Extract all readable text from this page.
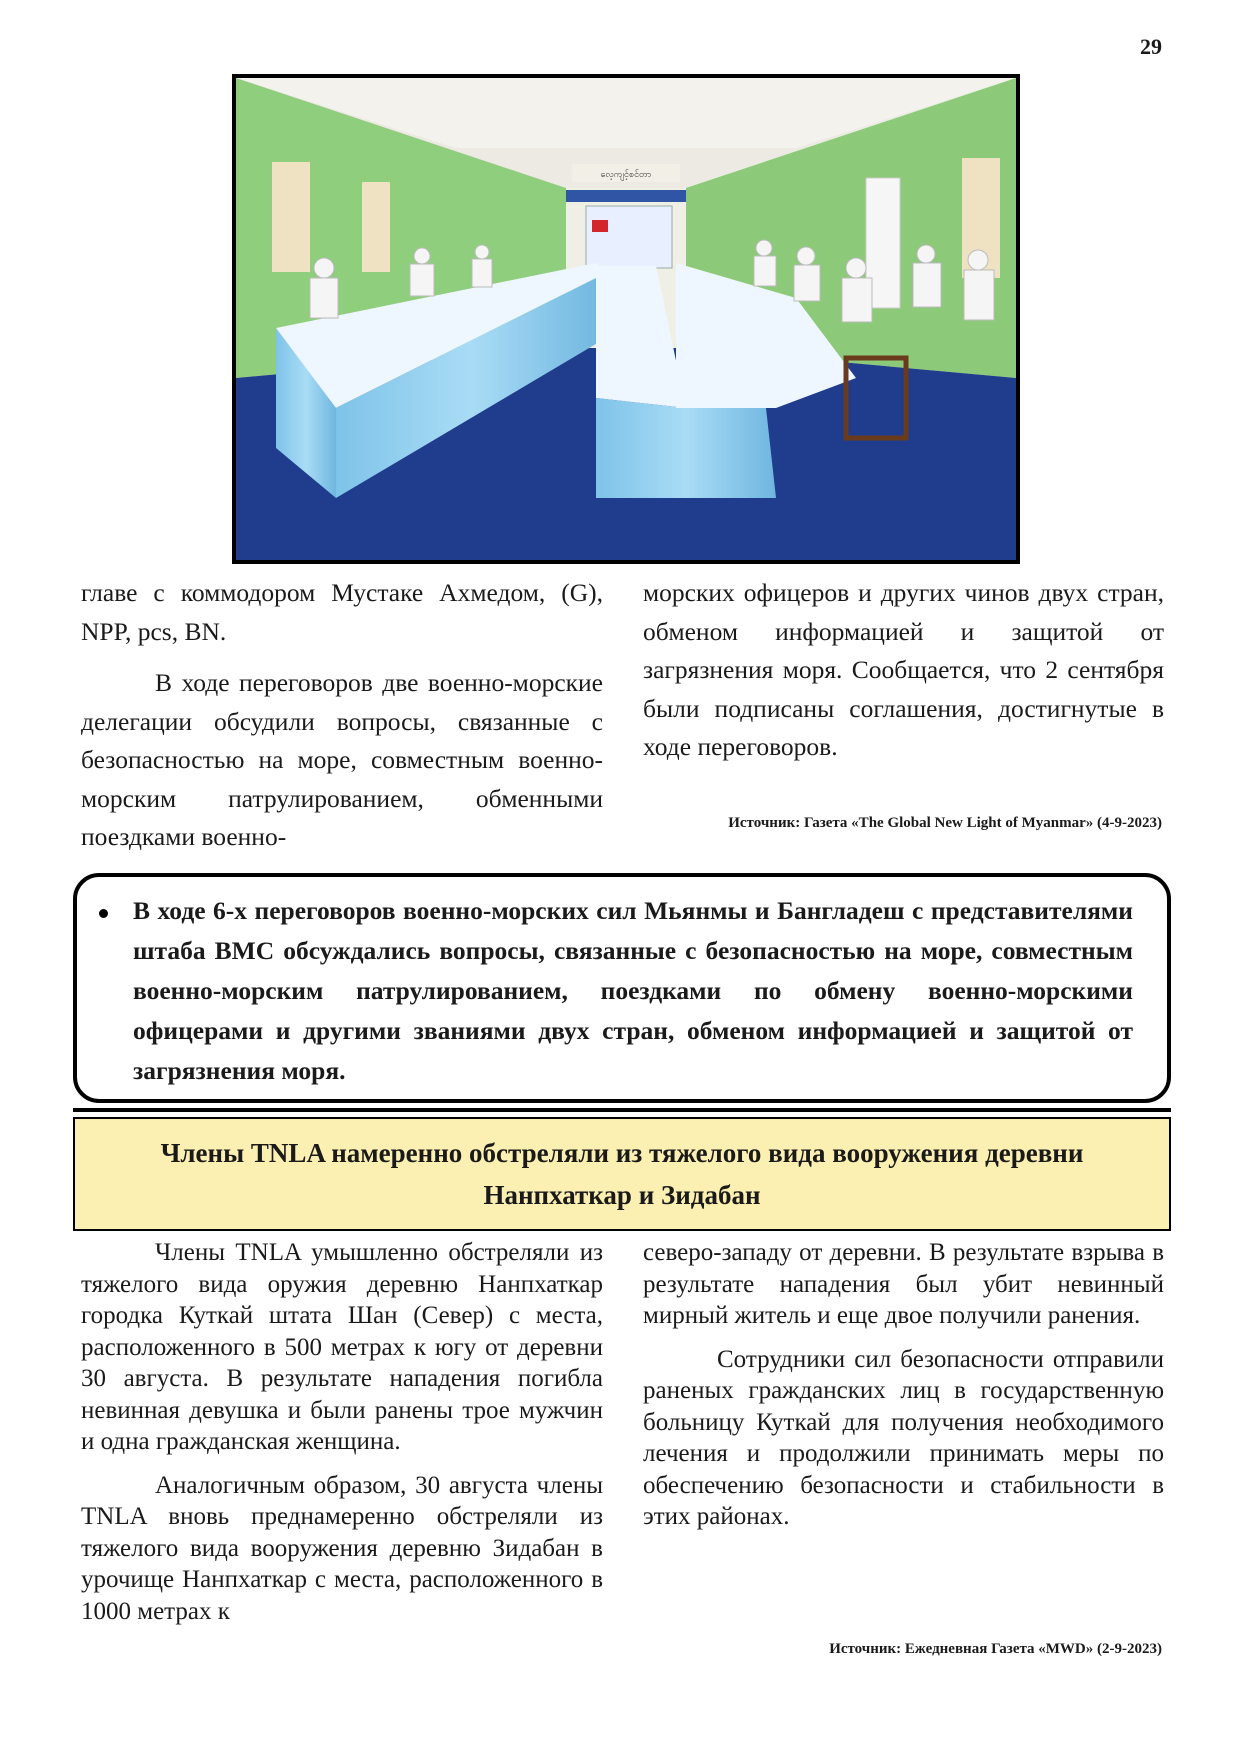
29
လေ့ကျင့်စင်တာ

главе с коммодором Мустаке Ахмедом, (G), NPP, pcs, BN.

В ходе переговоров две военно-морские делегации обсудили вопросы, связанные с безопасностью на море, совместным военно-морским патрулированием, обменными поездками военно-

морских офицеров и других чинов двух стран, обменом информацией и защитой от загрязнения моря. Сообщается, что 2 сентября были подписаны соглашения, достигнутые в ходе переговоров.

Источник: Газета «The Global New Light of Myanmar» (4-9-2023)
В ходе 6-х переговоров военно-морских сил Мьянмы и Бангладеш с представителями штаба ВМС обсуждались вопросы, связанные с безопасностью на море, совместным военно-морским патрулированием, поездками по обмену военно-морскими офицерами и другими званиями двух стран, обменом информацией и защитой от загрязнения моря.
Члены TNLA намеренно обстреляли из тяжелого вида вооружения деревни Нанпхаткар и Зидабан

Члены TNLA умышленно обстреляли из тяжелого вида оружия деревню Нанпхаткар городка Куткай штата Шан (Север) с места, расположенного в 500 метрах к югу от деревни 30 августа. В результате нападения погибла невинная девушка и были ранены трое мужчин и одна гражданская женщина.

Аналогичным образом, 30 августа члены TNLA вновь преднамеренно обстреляли из тяжелого вида вооружения деревню Зидабан в урочище Нанпхаткар с места, расположенного в 1000 метрах к

северо-западу от деревни. В результате взрыва в результате нападения был убит невинный мирный житель и еще двое получили ранения.

Сотрудники сил безопасности отправили раненых гражданских лиц в государственную больницу Куткай для получения необходимого лечения и продолжили принимать меры по обеспечению безопасности и стабильности в этих районах.

Источник: Ежедневная Газета «MWD» (2-9-2023)
